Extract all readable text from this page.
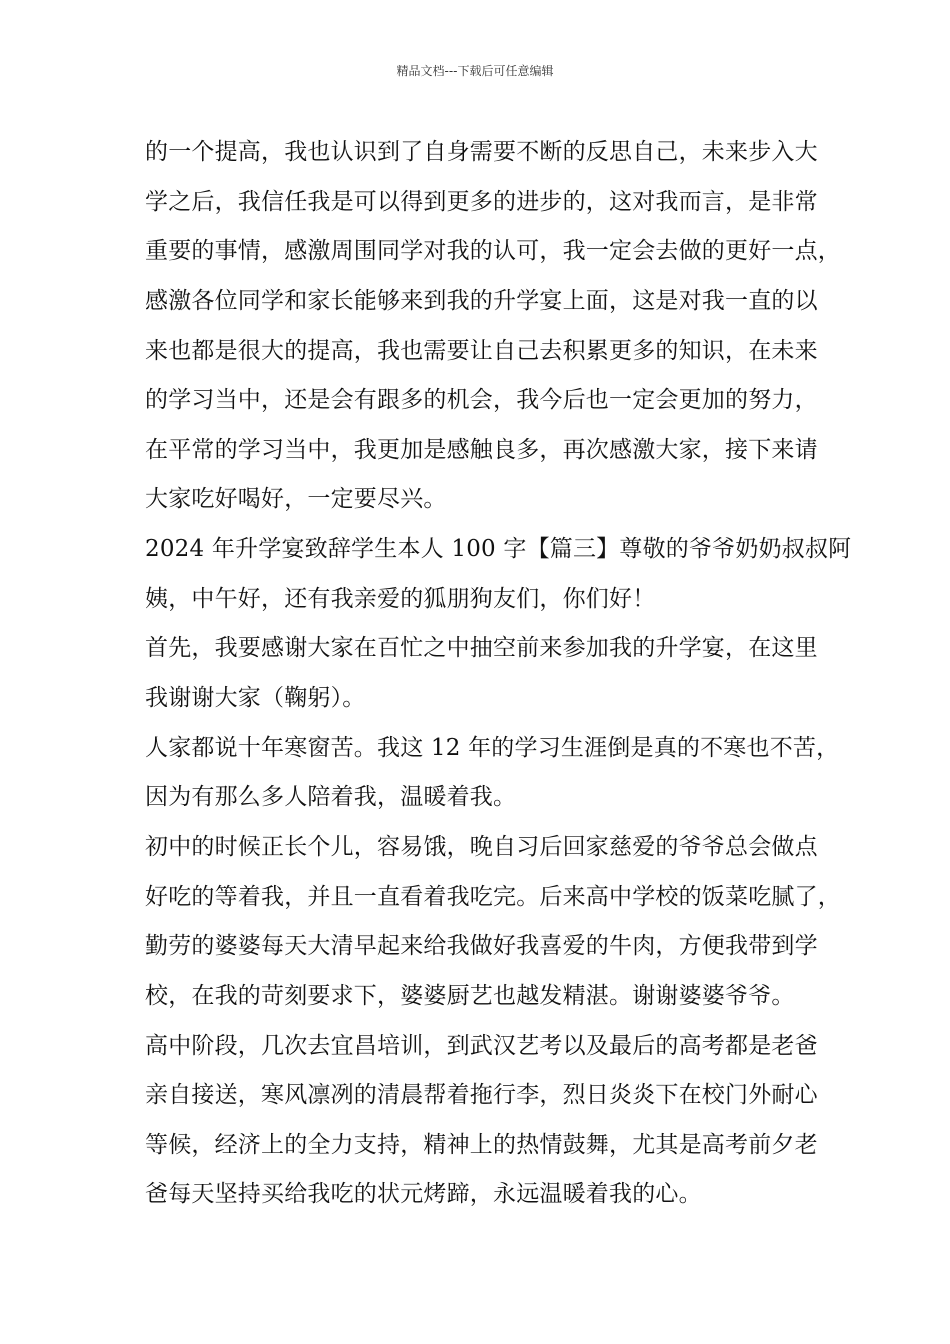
精品文档---下载后可任意编辑
的一个提高，我也认识到了自身需要不断的反思自己，未来步入大
学之后，我信任我是可以得到更多的进步的，这对我而言，是非常
重要的事情，感激周围同学对我的认可，我一定会去做的更好一点，
感激各位同学和家长能够来到我的升学宴上面，这是对我一直的以
来也都是很大的提高，我也需要让自己去积累更多的知识，在未来
的学习当中，还是会有跟多的机会，我今后也一定会更加的努力，
在平常的学习当中，我更加是感触良多，再次感激大家，接下来请
大家吃好喝好，一定要尽兴。
2024 年升学宴致辞学生本人 100 字【篇三】尊敬的爷爷奶奶叔叔阿
姨，中午好，还有我亲爱的狐朋狗友们，你们好！
首先，我要感谢大家在百忙之中抽空前来参加我的升学宴，在这里
我谢谢大家（鞠躬）。
人家都说十年寒窗苦。我这 12 年的学习生涯倒是真的不寒也不苦，
因为有那么多人陪着我，温暖着我。
初中的时候正长个儿，容易饿，晚自习后回家慈爱的爷爷总会做点
好吃的等着我，并且一直看着我吃完。后来高中学校的饭菜吃腻了，
勤劳的婆婆每天大清早起来给我做好我喜爱的牛肉，方便我带到学
校，在我的苛刻要求下，婆婆厨艺也越发精湛。谢谢婆婆爷爷。
高中阶段，几次去宜昌培训，到武汉艺考以及最后的高考都是老爸
亲自接送，寒风凛冽的清晨帮着拖行李，烈日炎炎下在校门外耐心
等候，经济上的全力支持，精神上的热情鼓舞，尤其是高考前夕老
爸每天坚持买给我吃的状元烤蹄，永远温暖着我的心。
